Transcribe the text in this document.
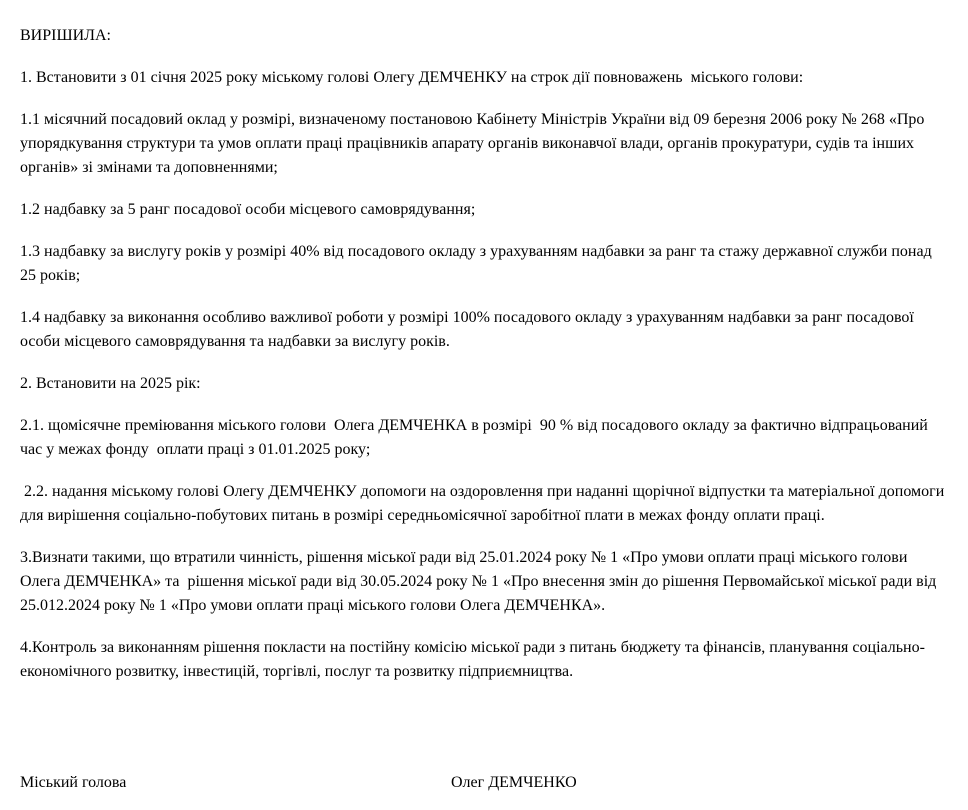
ВИРІШИЛА:

1. Встановити з 01 січня 2025 року міському голові Олегу ДЕМЧЕНКУ на строк дії повноважень  міського голови:

1.1 місячний посадовий оклад у розмірі, визначеному постановою Кабінету Міністрів України від 09 березня 2006 року № 268 «Про упорядкування структури та умов оплати праці працівників апарату органів виконавчої влади, органів прокуратури, судів та інших органів» зі змінами та доповненнями;

1.2 надбавку за 5 ранг посадової особи місцевого самоврядування;

1.3 надбавку за вислугу років у розмірі 40% від посадового окладу з урахуванням надбавки за ранг та стажу державної служби понад 25 років;

1.4 надбавку за виконання особливо важливої роботи у розмірі 100% посадового окладу з урахуванням надбавки за ранг посадової особи місцевого самоврядування та надбавки за вислугу років.

2. Встановити на 2025 рік:

2.1. щомісячне преміювання міського голови  Олега ДЕМЧЕНКА в розмірі  90 % від посадового окладу за фактично відпрацьований час у межах фонду  оплати праці з 01.01.2025 року;

2.2. надання міському голові Олегу ДЕМЧЕНКУ допомоги на оздоровлення при наданні щорічної відпустки та матеріальної допомоги для вирішення соціально-побутових питань в розмірі середньомісячної заробітної плати в межах фонду оплати праці.

3.Визнати такими, що втратили чинність, рішення міської ради від 25.01.2024 року № 1 «Про умови оплати праці міського голови Олега ДЕМЧЕНКА» та  рішення міської ради від 30.05.2024 року № 1 «Про внесення змін до рішення Первомайської міської ради від 25.012.2024 року № 1 «Про умови оплати праці міського голови Олега ДЕМЧЕНКА».

4.Контроль за виконанням рішення покласти на постійну комісію міської ради з питань бюджету та фінансів, планування соціально-економічного розвитку, інвестицій, торгівлі, послуг та розвитку підприємництва.

Міський голова	Олег ДЕМЧЕНКО
